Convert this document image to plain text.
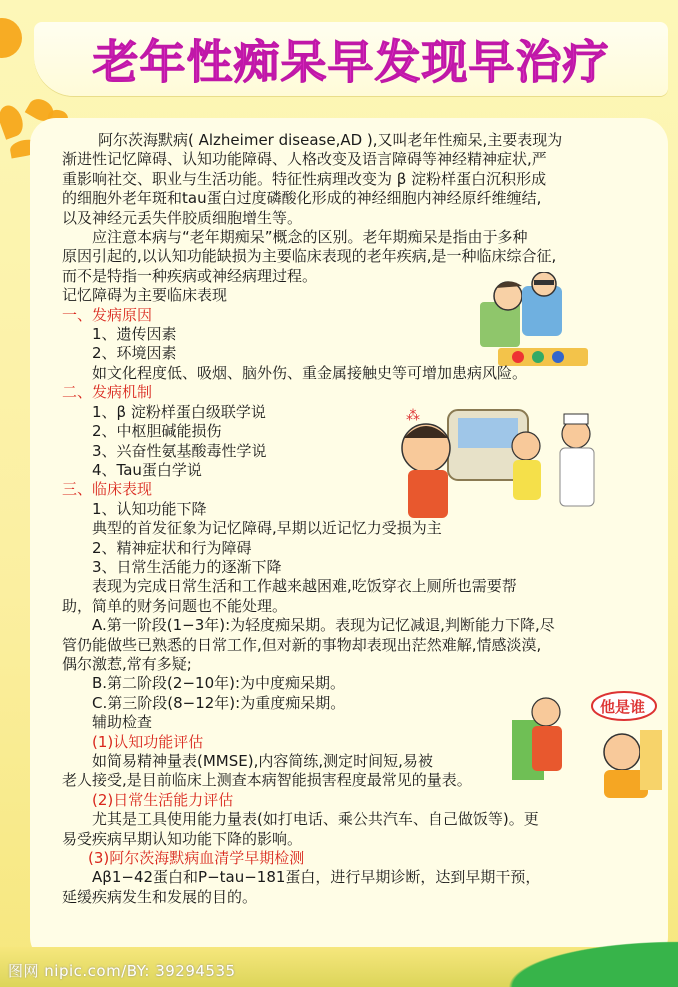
老年性痴呆早发现早治疗
⁂
他是谁

阿尔茨海默病( Alzheimer disease,AD ),又叫老年性痴呆,主要表现为

渐进性记忆障碍、认知功能障碍、人格改变及语言障碍等神经精神症状,严

重影响社交、职业与生活功能。特征性病理改变为 β 淀粉样蛋白沉积形成

的细胞外老年斑和tau蛋白过度磷酸化形成的神经细胞内神经原纤维缠结,

以及神经元丢失伴胶质细胞增生等。

应注意本病与“老年期痴呆”概念的区别。老年期痴呆是指由于多种

原因引起的,以认知功能缺损为主要临床表现的老年疾病,是一种临床综合征,

而不是特指一种疾病或神经病理过程。

记忆障碍为主要临床表现

一、发病原因

1、遗传因素

2、环境因素

如文化程度低、吸烟、脑外伤、重金属接触史等可增加患病风险。

二、发病机制

1、β 淀粉样蛋白级联学说

2、中枢胆碱能损伤

3、兴奋性氨基酸毒性学说

4、Tau蛋白学说

三、临床表现

1、认知功能下降

典型的首发征象为记忆障碍,早期以近记忆力受损为主

2、精神症状和行为障碍

3、日常生活能力的逐渐下降

表现为完成日常生活和工作越来越困难,吃饭穿衣上厕所也需要帮

助，简单的财务问题也不能处理。

A.第一阶段(1−3年):为轻度痴呆期。表现为记忆减退,判断能力下降,尽

管仍能做些已熟悉的日常工作,但对新的事物却表现出茫然难解,情感淡漠,

偶尔激惹,常有多疑;

B.第二阶段(2−10年):为中度痴呆期。

C.第三阶段(8−12年):为重度痴呆期。

辅助检查

(1)认知功能评估

如简易精神量表(MMSE),内容简练,测定时间短,易被

老人接受,是目前临床上测查本病智能损害程度最常见的量表。

(2)日常生活能力评估

尤其是工具使用能力量表(如打电话、乘公共汽车、自己做饭等)。更

易受疾病早期认知功能下降的影响。

(3)阿尔茨海默病血清学早期检测

Aβ1−42蛋白和P−tau−181蛋白，进行早期诊断，达到早期干预，

延缓疾病发生和发展的目的。

图网 nipic.com/BY: 39294535
